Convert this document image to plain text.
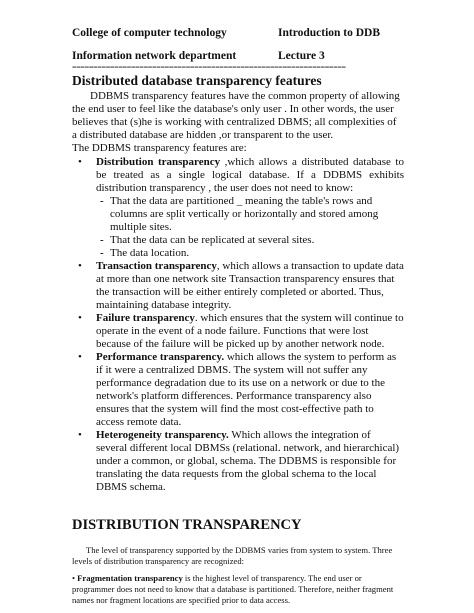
College of computer technology	Introduction to DDB
Information network department	Lecture 3
=================================================================
Distributed database transparency features

DDBMS transparency features have the common property of allowing the end user to feel like the database's only user . In other words, the user believes that (s)he is working with centralized DBMS; all complexities of a distributed database are hidden ,or transparent to the user.

The DDBMS transparency features are:

• Distribution transparency ,which allows a distributed database to be treated as a single logical database. If a DDBMS exhibits distribution transparency , the user does not need to know:
- That the data are partitioned _ meaning the table's rows and columns are split vertically or horizontally and stored among multiple sites.
- That the data can be replicated at several sites.
- The data location.
• Transaction transparency, which allows a transaction to update data at more than one network site Transaction transparency ensures that the transaction will be either entirely completed or aborted. Thus, maintaining database integrity.
• Failure transparency. which ensures that the system will continue to operate in the event of a node failure. Functions that were lost because of the failure will be picked up by another network node.
• Performance transparency. which allows the system to perform as if it were a centralized DBMS. The system will not suffer any performance degradation due to its use on a network or due to the network's platform differences. Performance transparency also ensures that the system will find the most cost-effective path to access remote data.
• Heterogeneity transparency. Which allows the integration of several different local DBMSs (relational. network, and hierarchical) under a common, or global, schema. The DDBMS is responsible for translating the data requests from the global schema to the local DBMS schema.
DISTRIBUTION TRANSPARENCY

The level of transparency supported by the DDBMS varies from system to system. Three levels of distribution transparency are recognized:

• Fragmentation transparency is the highest level of transparency. The end user or programmer does not need to know that a database is partitioned. Therefore, neither fragment names nor fragment locations are specified prior to data access.
